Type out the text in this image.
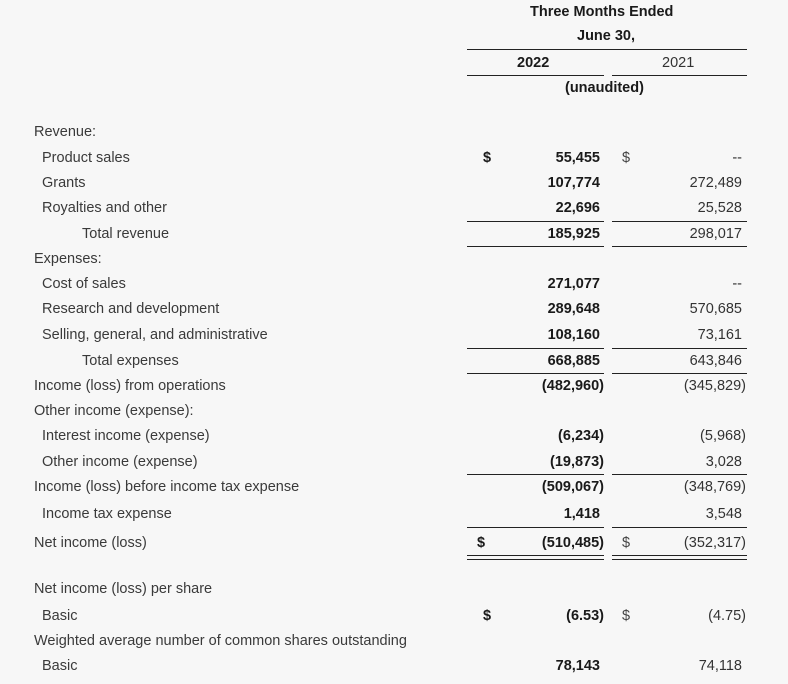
Three Months Ended
June 30,
2022	2021
(unaudited)
Revenue:
Product sales	$	55,455 $	--
Grants	107,774	272,489
Royalties and other	22,696	25,528
Total revenue	185,925	298,017
Expenses:
Cost of sales	271,077	--
Research and development	289,648	570,685
Selling, general, and administrative	108,160	73,161
Total expenses	668,885	643,846
Income (loss) from operations	(482,960)	(345,829)
Other income (expense):
Interest income (expense)	(6,234)	(5,968)
Other income (expense)	(19,873)	3,028
Income (loss) before income tax expense	(509,067)	(348,769)
Income tax expense	1,418	3,548
Net income (loss)	$	(510,485) $	(352,317)
Net income (loss) per share
Basic	$	(6.53) $	(4.75)
Weighted average number of common shares outstanding
Basic	78,143	74,118
